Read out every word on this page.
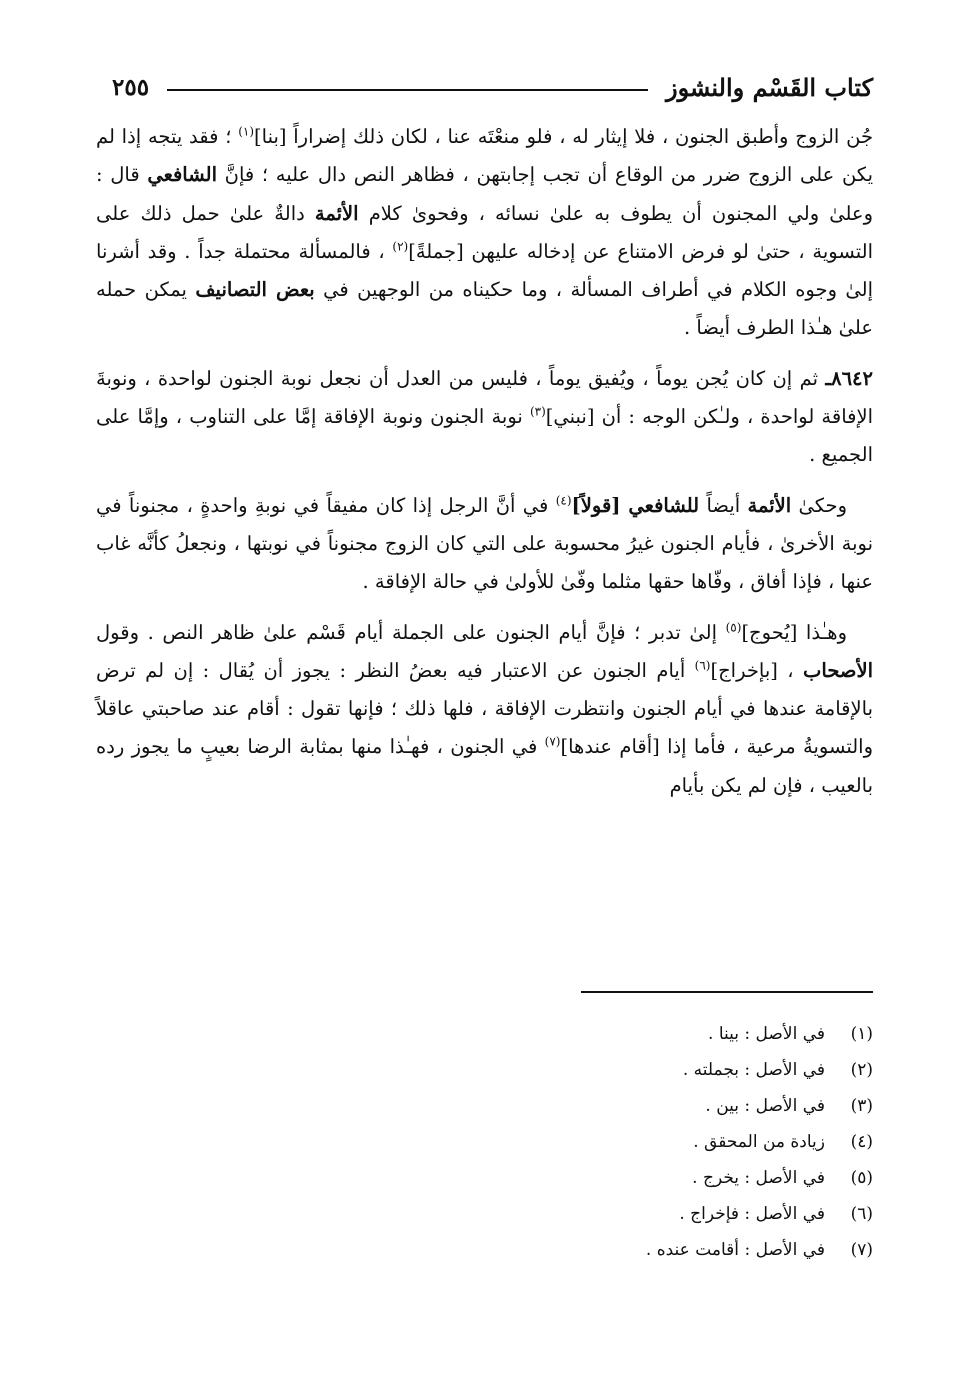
كتاب القَسْم والنشوز
٢٥٥

جُن الزوج وأطبق الجنون ، فلا إيثار له ، فلو منعْتَه عنا ، لكان ذلك إضراراً [بنا]$^{(١)}$ ؛ فقد يتجه إذا لم يكن على الزوج ضرر من الوقاع أن تجب إجابتهن ، فظاهر النص دال عليه ؛ فإنَّ الشافعي قال : وعلىٰ ولي المجنون أن يطوف به علىٰ نسائه ، وفحوىٰ كلام الأئمة دالةٌ علىٰ حمل ذلك على التسوية ، حتىٰ لو فرض الامتناع عن إدخاله عليهن [جملةً]$^{(٢)}$ ، فالمسألة محتملة جداً . وقد أشرنا إلىٰ وجوه الكلام في أطراف المسألة ، وما حكيناه من الوجهين في بعض التصانيف يمكن حمله علىٰ هـٰذا الطرف أيضاً .

٨٦٤٢ـ ثم إن كان يُجن يوماً ، ويُفيق يوماً ، فليس من العدل أن نجعل نوبة الجنون لواحدة ، ونوبةَ الإفاقة لواحدة ، ولـٰكن الوجه : أن [نبني]$^{(٣)}$ نوبة الجنون ونوبة الإفاقة إمَّا على التناوب ، وإمَّا على الجميع .

وحكىٰ الأئمة أيضاً للشافعي [قولاً]$^{(٤)}$ في أنَّ الرجل إذا كان مفيقاً في نوبةِ واحدةٍ ، مجنوناً في نوبة الأخرىٰ ، فأيام الجنون غيرُ محسوبة على التي كان الزوج مجنوناً في نوبتها ، ونجعلُ كأنَّه غاب عنها ، فإذا أفاق ، وفّاها حقها مثلما وفّىٰ للأولىٰ في حالة الإفاقة .

وهـٰذا [يُحوج]$^{(٥)}$ إلىٰ تدبر ؛ فإنَّ أيام الجنون على الجملة أيام قَسْم علىٰ ظاهر النص . وقول الأصحاب ، [بإخراج]$^{(٦)}$ أيام الجنون عن الاعتبار فيه بعضُ النظر : يجوز أن يُقال : إن لم ترض بالإقامة عندها في أيام الجنون وانتظرت الإفاقة ، فلها ذلك ؛ فإنها تقول : أقام عند صاحبتي عاقلاً والتسويةُ مرعية ، فأما إذا [أقام عندها]$^{(٧)}$ في الجنون ، فهـٰذا منها بمثابة الرضا بعيبٍ ما يجوز رده بالعيب ، فإن لم يكن بأيام

(١)
في الأصل : بينا .
(٢)
في الأصل : بجملته .
(٣)
في الأصل : بين .
(٤)
زيادة من المحقق .
(٥)
في الأصل : يخرج .
(٦)
في الأصل : فإخراج .
(٧)
في الأصل : أقامت عنده .
